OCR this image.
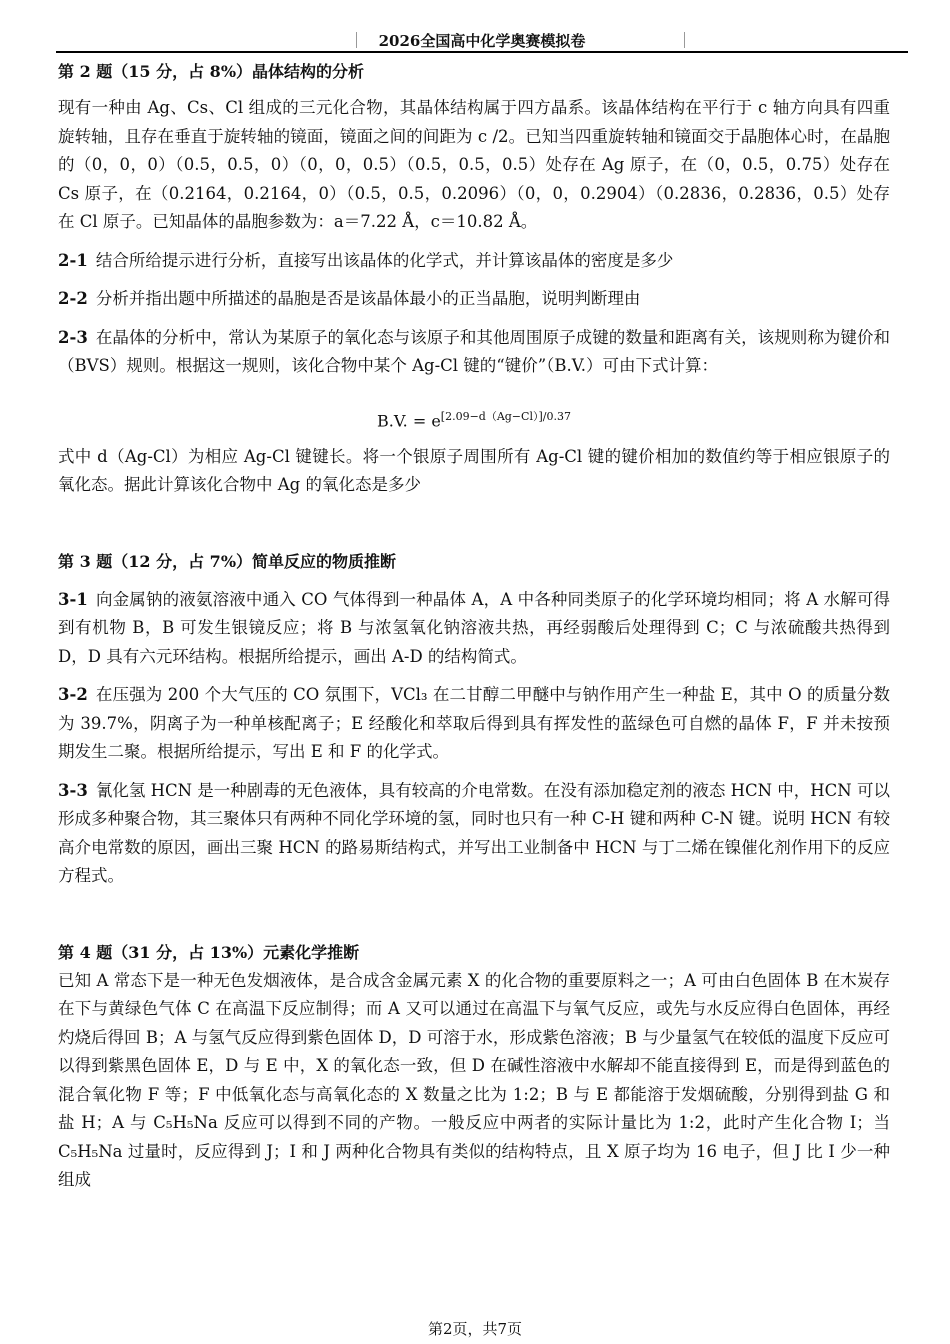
2026全国高中化学奥赛模拟卷

第 2 题（15 分，占 8%）晶体结构的分析

现有一种由 Ag、Cs、Cl 组成的三元化合物，其晶体结构属于四方晶系。该晶体结构在平行于 c 轴方向具有四重旋转轴，且存在垂直于旋转轴的镜面，镜面之间的间距为 c /2。已知当四重旋转轴和镜面交于晶胞体心时，在晶胞的（0，0，0）（0.5，0.5，0）（0，0，0.5）（0.5，0.5，0.5）处存在 Ag 原子，在（0，0.5，0.75）处存在 Cs 原子，在（0.2164，0.2164，0）（0.5，0.5，0.2096）（0，0，0.2904）（0.2836，0.2836，0.5）处存在 Cl 原子。已知晶体的晶胞参数为：a＝7.22 Å，c＝10.82 Å。

2-1 结合所给提示进行分析，直接写出该晶体的化学式，并计算该晶体的密度是多少

2-2 分析并指出题中所描述的晶胞是否是该晶体最小的正当晶胞，说明判断理由

2-3 在晶体的分析中，常认为某原子的氧化态与该原子和其他周围原子成键的数量和距离有关，该规则称为键价和（BVS）规则。根据这一规则，该化合物中某个 Ag-Cl 键的“键价”（B.V.）可由下式计算：

B.V. = $e^{[2.09-d(Ag-Cl)]/0.37}$

式中 d（Ag-Cl）为相应 Ag-Cl 键键长。将一个银原子周围所有 Ag-Cl 键的键价相加的数值约等于相应银原子的氧化态。据此计算该化合物中 Ag 的氧化态是多少

第 3 题（12 分，占 7%）简单反应的物质推断

3-1 向金属钠的液氨溶液中通入 CO 气体得到一种晶体 A，A 中各种同类原子的化学环境均相同；将 A 水解可得到有机物 B，B 可发生银镜反应；将 B 与浓氢氧化钠溶液共热，再经弱酸后处理得到 C；C 与浓硫酸共热得到 D，D 具有六元环结构。根据所给提示，画出 A-D 的结构简式。

3-2 在压强为 200 个大气压的 CO 氛围下，VCl₃ 在二甘醇二甲醚中与钠作用产生一种盐 E，其中 O 的质量分数为 39.7%，阴离子为一种单核配离子；E 经酸化和萃取后得到具有挥发性的蓝绿色可自燃的晶体 F，F 并未按预期发生二聚。根据所给提示，写出 E 和 F 的化学式。

3-3 氰化氢 HCN 是一种剧毒的无色液体，具有较高的介电常数。在没有添加稳定剂的液态 HCN 中，HCN 可以形成多种聚合物，其三聚体只有两种不同化学环境的氢，同时也只有一种 C-H 键和两种 C-N 键。说明 HCN 有较高介电常数的原因，画出三聚 HCN 的路易斯结构式，并写出工业制备中 HCN 与丁二烯在镍催化剂作用下的反应方程式。

第 4 题（31 分，占 13%）元素化学推断

已知 A 常态下是一种无色发烟液体，是合成含金属元素 X 的化合物的重要原料之一；A 可由白色固体 B 在木炭存在下与黄绿色气体 C 在高温下反应制得；而 A 又可以通过在高温下与氧气反应，或先与水反应得白色固体，再经灼烧后得回 B；A 与氢气反应得到紫色固体 D，D 可溶于水，形成紫色溶液；B 与少量氢气在较低的温度下反应可以得到紫黑色固体 E，D 与 E 中，X 的氧化态一致，但 D 在碱性溶液中水解却不能直接得到 E，而是得到蓝色的混合氧化物 F 等；F 中低氧化态与高氧化态的 X 数量之比为 1:2；B 与 E 都能溶于发烟硫酸，分别得到盐 G 和盐 H；A 与 C₅H₅Na 反应可以得到不同的产物。一般反应中两者的实际计量比为 1:2，此时产生化合物 I；当 C₅H₅Na 过量时，反应得到 J；I 和 J 两种化合物具有类似的结构特点，且 X 原子均为 16 电子，但 J 比 I 少一种组成

第2页，共7页
